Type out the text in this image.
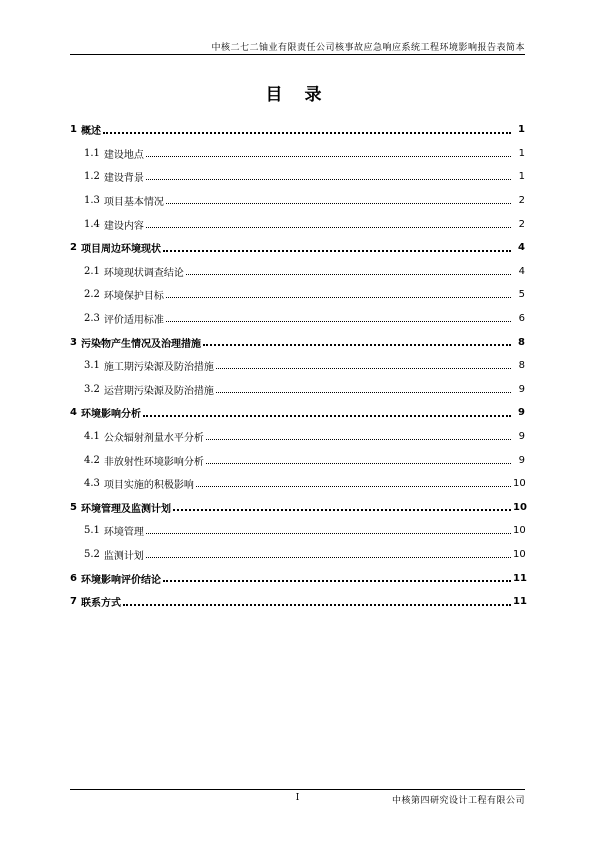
中核二七二铀业有限责任公司核事故应急响应系统工程环境影响报告表简本
目 录
1 概述	1
1.1 建设地点	1
1.2 建设背景	1
1.3 项目基本情况	2
1.4 建设内容	2
2 项目周边环境现状	4
2.1 环境现状调查结论	4
2.2 环境保护目标	5
2.3 评价适用标准	6
3 污染物产生情况及治理措施	8
3.1 施工期污染源及防治措施	8
3.2 运营期污染源及防治措施	9
4 环境影响分析	9
4.1 公众辐射剂量水平分析	9
4.2 非放射性环境影响分析	9
4.3 项目实施的积极影响	10
5 环境管理及监测计划	10
5.1 环境管理	10
5.2 监测计划	10
6 环境影响评价结论	11
7 联系方式	11
I	中核第四研究设计工程有限公司
